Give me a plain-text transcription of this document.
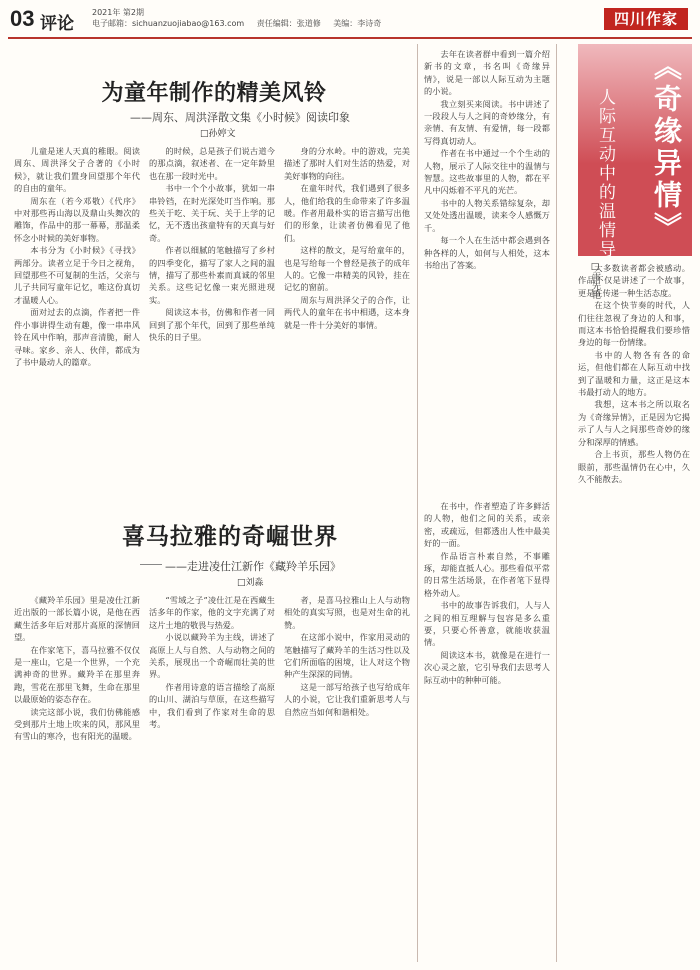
03 评论
2021年 第2期
电子邮箱：sichuanzuojiabao@163.com 责任编辑：张道修 美编：李诗奇	四川作家
为童年制作的精美风铃
——周东、周洪泽散文集《小时候》阅读印象
□孙婷文

儿童是迷人天真的稚眼。阅读周东、周洪泽父子合著的《小时候》，就让我们置身回望那个年代的自由的童年。

周东在（若今邓敬）《代序》中对那些再山海以及鼎山头舞次的雕饰，作品中的那一幕幕，那温柔怀念小时候的美好事物。

本书分为《小时候》《寻找》两部分。读者立足于今日之视角，回望那些不可复制的生活，父亲与儿子共同写童年记忆，唯这份真切才温暖人心。

面对过去的点滴，作者把一件件小事讲得生动有趣，像一串串风铃在风中作响，那声音清脆，耐人寻味。家乡、亲人、伙伴，都成为了书中最动人的篇章。

的时候，总是孩子们说古道今的那点滴，叙述者、在一定年龄里也在那一段时光中。

书中一个个小故事，犹如一串串铃铛，在时光深处叮当作响。那些关于吃、关于玩、关于上学的记忆，无不透出孩童特有的天真与好奇。

作者以细腻的笔触描写了乡村的四季变化，描写了家人之间的温情，描写了那些朴素而真诚的邻里关系。这些记忆像一束光照进现实。

阅读这本书，仿佛和作者一同回到了那个年代，回到了那些单纯快乐的日子里。

身的分水岭。中的游戏，完美描述了那时人们对生活的热爱，对美好事物的向往。

在童年时代，我们遇到了很多人，他们给我的生命带来了许多温暖。作者用最朴实的语言描写出他们的形象，让读者仿佛看见了他们。

这样的散文，是写给童年的，也是写给每一个曾经是孩子的成年人的。它像一串精美的风铃，挂在记忆的窗前。

周东与周洪泽父子的合作，让两代人的童年在书中相遇，这本身就是一件十分美好的事情。

喜马拉雅的奇崛世界
——走进凌仕江新作《藏羚羊乐园》
□刘淼

《藏羚羊乐园》里是凌仕江新近出版的一部长篇小说，是他在西藏生活多年后对那片高原的深情回望。

在作家笔下，喜马拉雅不仅仅是一座山，它是一个世界，一个充满神奇的世界。藏羚羊在那里奔跑，雪花在那里飞舞，生命在那里以最原始的姿态存在。

读完这部小说，我们仿佛能感受到那片土地上吹来的风，那风里有雪山的寒冷，也有阳光的温暖。

“雪域之子”凌仕江是在西藏生活多年的作家，他的文字充满了对这片土地的敬畏与热爱。

小说以藏羚羊为主线，讲述了高原上人与自然、人与动物之间的关系，展现出一个奇崛而壮美的世界。

作者用诗意的语言描绘了高原的山川、湖泊与草原，在这些描写中，我们看到了作家对生命的思考。

者，是喜马拉雅山上人与动物相处的真实写照，也是对生命的礼赞。

在这部小说中，作家用灵动的笔触描写了藏羚羊的生活习性以及它们所面临的困境，让人对这个物种产生深深的同情。

这是一部写给孩子也写给成年人的小说，它让我们重新思考人与自然应当如何和谐相处。

《奇缘异情》
人际互动中的温情导航
□雷先艳

去年在读者群中看到一篇介绍新书的文章，书名叫《奇缘异情》，说是一部以人际互动为主题的小说。

我立刻买来阅读。书中讲述了一段段人与人之间的奇妙缘分，有亲情、有友情、有爱情，每一段都写得真切动人。

作者在书中通过一个个生动的人物，展示了人际交往中的温情与智慧。这些故事里的人物，都在平凡中闪烁着不平凡的光芒。

书中的人物关系错综复杂，却又处处透出温暖，读来令人感慨万千。

每一个人在生活中都会遇到各种各样的人，如何与人相处，这本书给出了答案。

在书中，作者塑造了许多鲜活的人物，他们之间的关系，或亲密，或疏远，但都透出人性中最美好的一面。

作品语言朴素自然，不事雕琢，却能直抵人心。那些看似平常的日常生活场景，在作者笔下显得格外动人。

书中的故事告诉我们，人与人之间的相互理解与包容是多么重要，只要心怀善意，就能收获温情。

阅读这本书，就像是在进行一次心灵之旅，它引导我们去思考人际互动中的种种可能。

大多数读者都会被感动。作品不仅是讲述了一个故事，更是在传递一种生活态度。

在这个快节奏的时代，人们往往忽视了身边的人和事，而这本书恰恰提醒我们要珍惜身边的每一份情缘。

书中的人物各有各的命运，但他们都在人际互动中找到了温暖和力量，这正是这本书最打动人的地方。

我想，这本书之所以取名为《奇缘异情》，正是因为它揭示了人与人之间那些奇妙的缘分和深厚的情感。

合上书页，那些人物仍在眼前，那些温情仍在心中，久久不能散去。
